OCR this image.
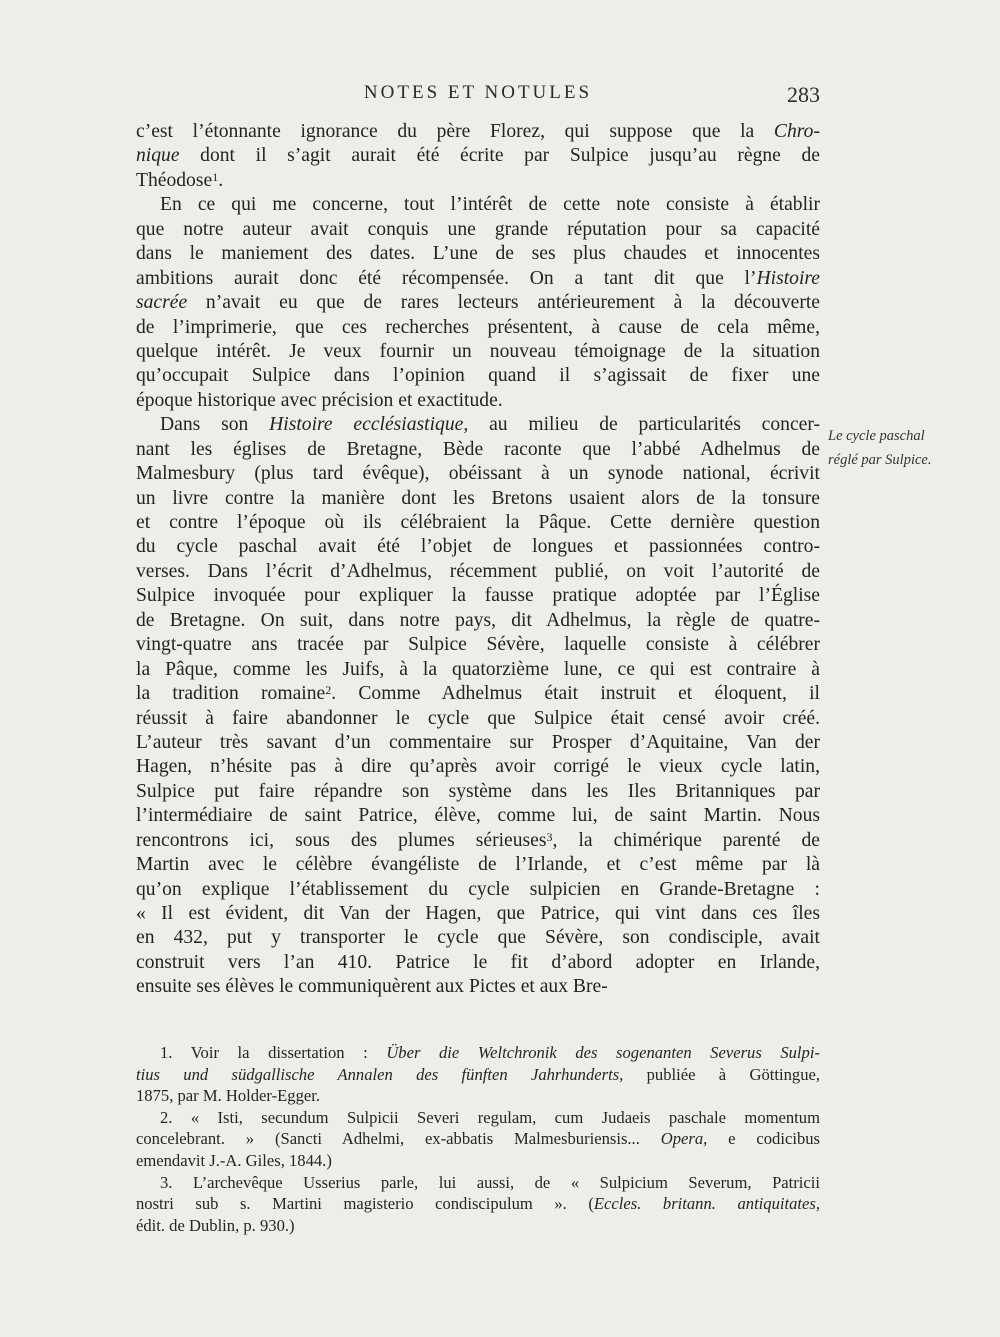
NOTES ET NOTULES	283
c’est l’étonnante ignorance du père Florez, qui suppose que la Chro-
nique dont il s’agit aurait été écrite par Sulpice jusqu’au règne de
Théodose$^1$.
En ce qui me concerne, tout l’intérêt de cette note consiste à établir
que notre auteur avait conquis une grande réputation pour sa capacité
dans le maniement des dates. L’une de ses plus chaudes et innocentes
ambitions aurait donc été récompensée. On a tant dit que l’Histoire
sacrée n’avait eu que de rares lecteurs antérieurement à la découverte
de l’imprimerie, que ces recherches présentent, à cause de cela même,
quelque intérêt. Je veux fournir un nouveau témoignage de la situation
qu’occupait Sulpice dans l’opinion quand il s’agissait de fixer une
époque historique avec précision et exactitude.
Dans son Histoire ecclésiastique, au milieu de particularités concer-
nant les églises de Bretagne, Bède raconte que l’abbé Adhelmus de
Malmesbury (plus tard évêque), obéissant à un synode national, écrivit
un livre contre la manière dont les Bretons usaient alors de la tonsure
et contre l’époque où ils célébraient la Pâque. Cette dernière question
du cycle paschal avait été l’objet de longues et passionnées contro-
verses. Dans l’écrit d’Adhelmus, récemment publié, on voit l’autorité de
Sulpice invoquée pour expliquer la fausse pratique adoptée par l’Église
de Bretagne. On suit, dans notre pays, dit Adhelmus, la règle de quatre-
vingt-quatre ans tracée par Sulpice Sévère, laquelle consiste à célébrer
la Pâque, comme les Juifs, à la quatorzième lune, ce qui est contraire à
la tradition romaine$^2$. Comme Adhelmus était instruit et éloquent, il
réussit à faire abandonner le cycle que Sulpice était censé avoir créé.
L’auteur très savant d’un commentaire sur Prosper d’Aquitaine, Van der
Hagen, n’hésite pas à dire qu’après avoir corrigé le vieux cycle latin,
Sulpice put faire répandre son système dans les Iles Britanniques par
l’intermédiaire de saint Patrice, élève, comme lui, de saint Martin. Nous
rencontrons ici, sous des plumes sérieuses$^3$, la chimérique parenté de
Martin avec le célèbre évangéliste de l’Irlande, et c’est même par là
qu’on explique l’établissement du cycle sulpicien en Grande-Bretagne :
« Il est évident, dit Van der Hagen, que Patrice, qui vint dans ces îles
en 432, put y transporter le cycle que Sévère, son condisciple, avait
construit vers l’an 410. Patrice le fit d’abord adopter en Irlande,
ensuite ses élèves le communiquèrent aux Pictes et aux Bre-
Le cycle paschal
réglé par Sulpice.
1. Voir la dissertation : Über die Weltchronik des sogenanten Severus Sulpi-
tius und südgallische Annalen des fünften Jahrhunderts, publiée à Göttingue,
1875, par M. Holder-Egger.
2. « Isti, secundum Sulpicii Severi regulam, cum Judaeis paschale momentum
concelebrant. » (Sancti Adhelmi, ex-abbatis Malmesburiensis... Opera, e codicibus
emendavit J.-A. Giles, 1844.)
3. L’archevêque Usserius parle, lui aussi, de « Sulpicium Severum, Patricii
nostri sub s. Martini magisterio condiscipulum ». (Eccles. britann. antiquitates,
édit. de Dublin, p. 930.)
